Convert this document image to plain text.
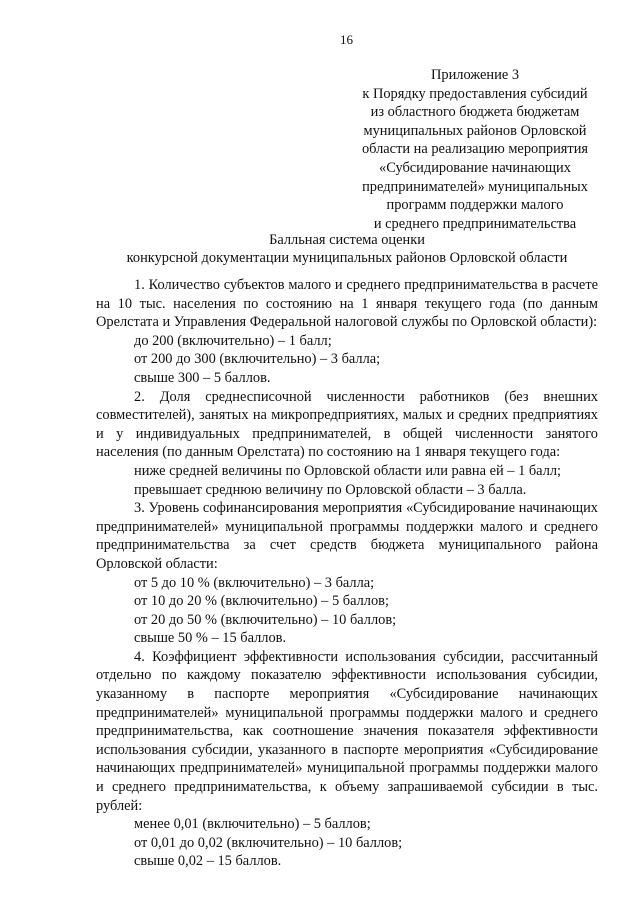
16
Приложение 3
к Порядку предоставления субсидий
из областного бюджета бюджетам
муниципальных районов Орловской
области на реализацию мероприятия
«Субсидирование начинающих
предпринимателей» муниципальных
программ поддержки малого
и среднего предпринимательства
Балльная система оценки
конкурсной документации муниципальных районов Орловской области

1. Количество субъектов малого и среднего предпринимательства в расчете на 10 тыс. населения по состоянию на 1 января текущего года (по данным Орелстата и Управления Федеральной налоговой службы по Орловской области):

до 200 (включительно) – 1 балл;

от 200 до 300 (включительно) – 3 балла;

свыше 300 – 5 баллов.

2. Доля среднесписочной численности работников (без внешних совместителей), занятых на микропредприятиях, малых и средних предприятиях и у индивидуальных предпринимателей, в общей численности занятого населения (по данным Орелстата) по состоянию на 1 января текущего года:

ниже средней величины по Орловской области или равна ей – 1 балл;

превышает среднюю величину по Орловской области – 3 балла.

3. Уровень софинансирования мероприятия «Субсидирование начинающих предпринимателей» муниципальной программы поддержки малого и среднего предпринимательства за счет средств бюджета муниципального района Орловской области:

от 5 до 10 % (включительно) – 3 балла;

от 10 до 20 % (включительно) – 5 баллов;

от 20 до 50 % (включительно) – 10 баллов;

свыше 50 % – 15 баллов.

4. Коэффициент эффективности использования субсидии, рассчитанный отдельно по каждому показателю эффективности использования субсидии, указанному в паспорте мероприятия «Субсидирование начинающих предпринимателей» муниципальной программы поддержки малого и среднего предпринимательства, как соотношение значения показателя эффективности использования субсидии, указанного в паспорте мероприятия «Субсидирование начинающих предпринимателей» муниципальной программы поддержки малого и среднего предпринимательства, к объему запрашиваемой субсидии в тыс. рублей:

менее 0,01 (включительно) – 5 баллов;

от 0,01 до 0,02 (включительно) – 10 баллов;

свыше 0,02 – 15 баллов.
